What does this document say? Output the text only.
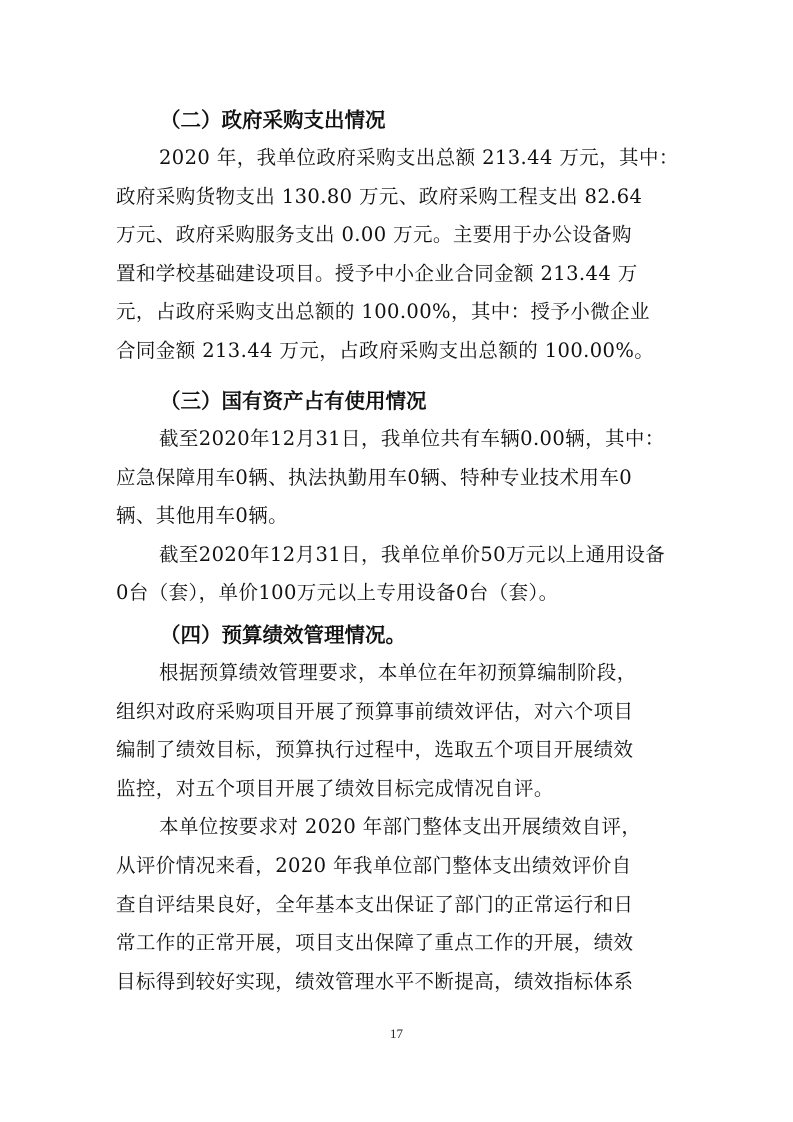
（二）政府采购支出情况

2020 年，我单位政府采购支出总额 213.44 万元，其中：

政府采购货物支出 130.80 万元、政府采购工程支出 82.64

万元、政府采购服务支出 0.00 万元。主要用于办公设备购

置和学校基础建设项目。授予中小企业合同金额 213.44 万

元，占政府采购支出总额的 100.00%，其中：授予小微企业

合同金额 213.44 万元，占政府采购支出总额的 100.00%。

（三）国有资产占有使用情况

截至2020年12月31日，我单位共有车辆0.00辆，其中：

应急保障用车0辆、执法执勤用车0辆、特种专业技术用车0

辆、其他用车0辆。

截至2020年12月31日，我单位单价50万元以上通用设备

0台（套），单价100万元以上专用设备0台（套）。

（四）预算绩效管理情况。

根据预算绩效管理要求，本单位在年初预算编制阶段，

组织对政府采购项目开展了预算事前绩效评估，对六个项目

编制了绩效目标，预算执行过程中，选取五个项目开展绩效

监控，对五个项目开展了绩效目标完成情况自评。

本单位按要求对 2020 年部门整体支出开展绩效自评，

从评价情况来看，2020 年我单位部门整体支出绩效评价自

查自评结果良好，全年基本支出保证了部门的正常运行和日

常工作的正常开展，项目支出保障了重点工作的开展，绩效

目标得到较好实现，绩效管理水平不断提高，绩效指标体系

17
